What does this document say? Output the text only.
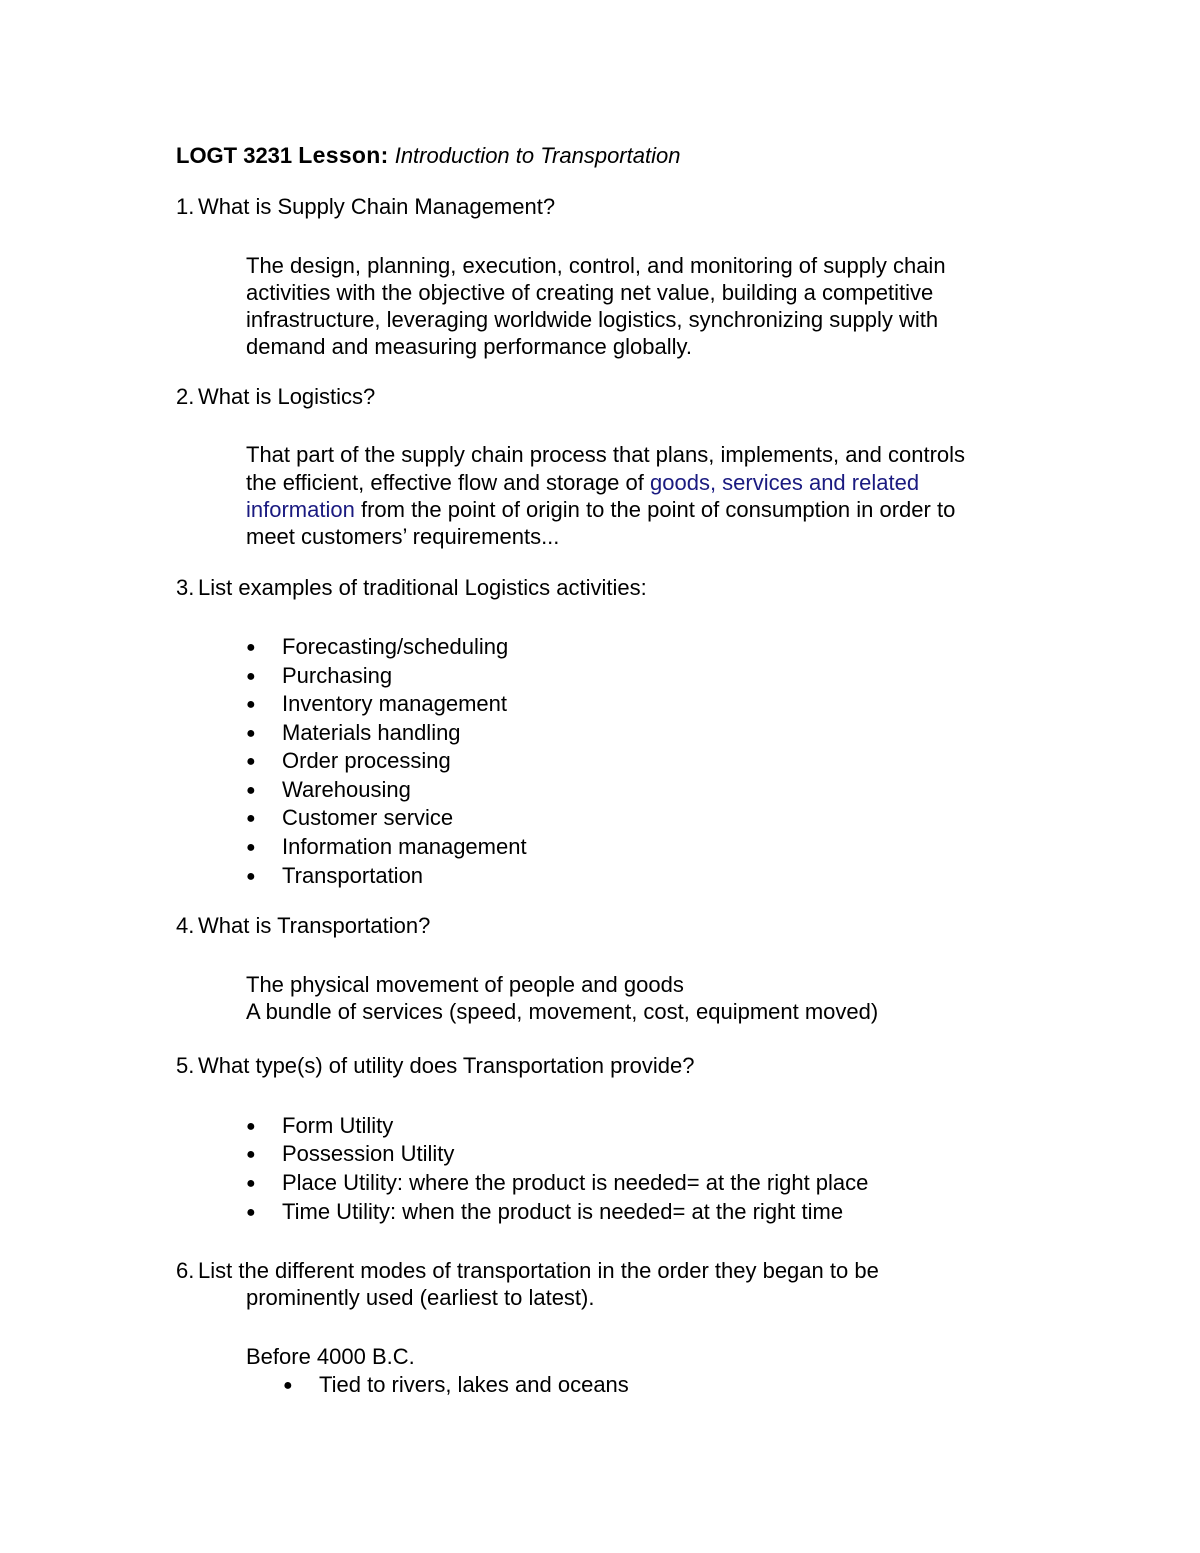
LOGT 3231 Lesson: Introduction to Transportation
1. What is Supply Chain Management?
The design, planning, execution, control, and monitoring of supply chain
activities with the objective of creating net value, building a competitive
infrastructure, leveraging worldwide logistics, synchronizing supply with
demand and measuring performance globally.
2. What is Logistics?
That part of the supply chain process that plans, implements, and controls
the efficient, effective flow and storage of goods, services and related
information from the point of origin to the point of consumption in order to
meet customers’ requirements...
3. List examples of traditional Logistics activities:
● Forecasting/scheduling
● Purchasing
● Inventory management
● Materials handling
● Order processing
● Warehousing
● Customer service
● Information management
● Transportation
4. What is Transportation?
The physical movement of people and goods
A bundle of services (speed, movement, cost, equipment moved)
5. What type(s) of utility does Transportation provide?
● Form Utility
● Possession Utility
● Place Utility: where the product is needed= at the right place
● Time Utility: when the product is needed= at the right time
6. List the different modes of transportation in the order they began to be
prominently used (earliest to latest).
Before 4000 B.C.
● Tied to rivers, lakes and oceans
